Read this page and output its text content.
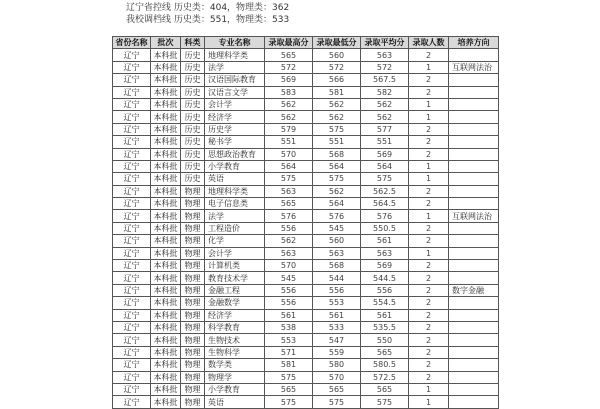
辽宁省控线 历史类：404，物理类：362
我校调档线 历史类：551，物理类：533
省份名称	批次	科类	专业名称	录取最高分	录取最低分	录取平均分	录取人数	培养方向
辽宁	本科批	历史	地理科学类	565	560	563	2	
辽宁	本科批	历史	法学	572	572	572	1	互联网法治
辽宁	本科批	历史	汉语国际教育	569	566	567.5	2	
辽宁	本科批	历史	汉语言文学	583	581	582	2	
辽宁	本科批	历史	会计学	562	562	562	1	
辽宁	本科批	历史	经济学	562	562	562	1	
辽宁	本科批	历史	历史学	579	575	577	2	
辽宁	本科批	历史	秘书学	551	551	551	2	
辽宁	本科批	历史	思想政治教育	570	568	569	2	
辽宁	本科批	历史	小学教育	564	564	564	1	
辽宁	本科批	历史	英语	575	575	575	1	
辽宁	本科批	物理	地理科学类	563	562	562.5	2	
辽宁	本科批	物理	电子信息类	565	564	564.5	2	
辽宁	本科批	物理	法学	576	576	576	1	互联网法治
辽宁	本科批	物理	工程造价	556	545	550.5	2	
辽宁	本科批	物理	化学	562	560	561	2	
辽宁	本科批	物理	会计学	563	563	563	1	
辽宁	本科批	物理	计算机类	570	568	569	2	
辽宁	本科批	物理	教育技术学	545	544	544.5	2	
辽宁	本科批	物理	金融工程	556	556	556	2	数字金融
辽宁	本科批	物理	金融数学	556	553	554.5	2	
辽宁	本科批	物理	经济学	561	561	561	2	
辽宁	本科批	物理	科学教育	538	533	535.5	2	
辽宁	本科批	物理	生物技术	553	547	550	2	
辽宁	本科批	物理	生物科学	571	559	565	2	
辽宁	本科批	物理	数学类	581	580	580.5	2	
辽宁	本科批	物理	物理学	575	570	572.5	2	
辽宁	本科批	物理	小学教育	565	565	565	1	
辽宁	本科批	物理	英语	575	575	575	1	
